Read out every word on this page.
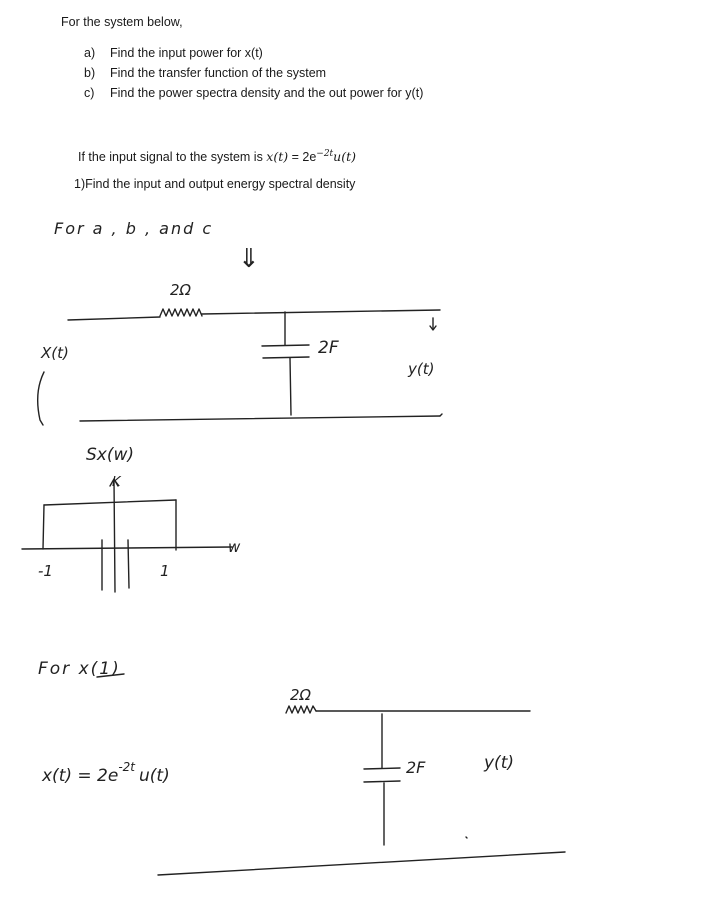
For the system below,
a) Find the input power for x(t)
b) Find the transfer function of the system
c) Find the power spectra density and the out power for y(t)
If the input signal to the system is $x(t) = 2e^{-2t}u(t)$
1)Find the input and output energy spectral density
For a , b , and c
⇓
2Ω
2F
X(t)
y(t)
Sx(w)
K
w
-1	1
For x(1)
$x(t) = 2e^{-2t}$ u(t)
2Ω
2F	y(t)
